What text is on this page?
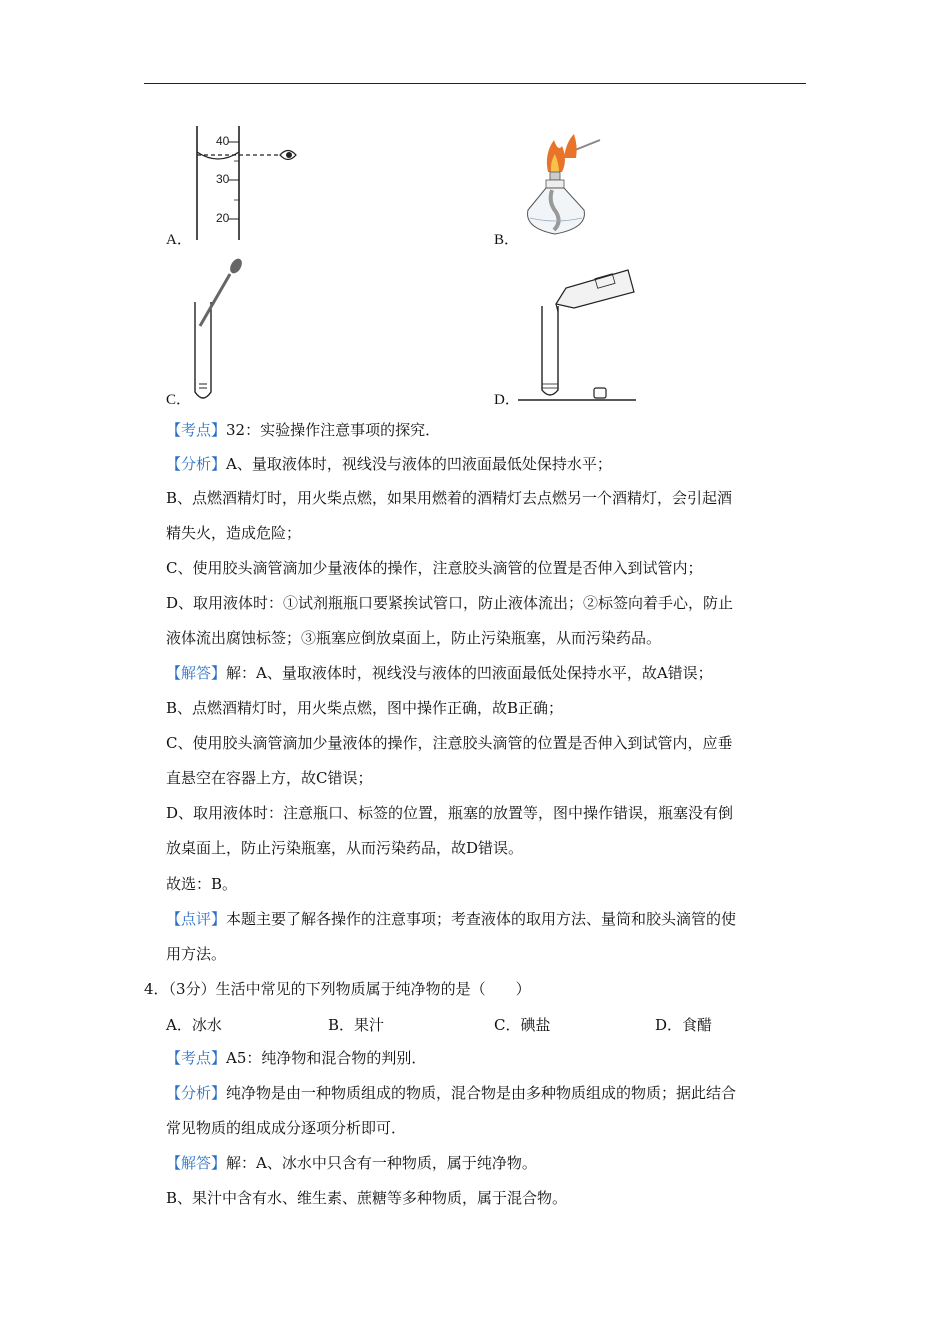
40
30
20
A．	B．
C．	D．
【考点】32：实验操作注意事项的探究．
【分析】A、量取液体时，视线没与液体的凹液面最低处保持水平；
B、点燃酒精灯时，用火柴点燃，如果用燃着的酒精灯去点燃另一个酒精灯，会引起酒
精失火，造成危险；
C、使用胶头滴管滴加少量液体的操作，注意胶头滴管的位置是否伸入到试管内；
D、取用液体时：①试剂瓶瓶口要紧挨试管口，防止液体流出；②标签向着手心，防止
液体流出腐蚀标签；③瓶塞应倒放桌面上，防止污染瓶塞，从而污染药品。
【解答】解：A、量取液体时，视线没与液体的凹液面最低处保持水平，故A错误；
B、点燃酒精灯时，用火柴点燃，图中操作正确，故B正确；
C、使用胶头滴管滴加少量液体的操作，注意胶头滴管的位置是否伸入到试管内，应垂
直悬空在容器上方，故C错误；
D、取用液体时：注意瓶口、标签的位置，瓶塞的放置等，图中操作错误，瓶塞没有倒
放桌面上，防止污染瓶塞，从而污染药品，故D错误。
故选：B。
【点评】本题主要了解各操作的注意事项；考查液体的取用方法、量筒和胶头滴管的使
用方法。
4．（3分）生活中常见的下列物质属于纯净物的是（　　）
A．冰水	B．果汁	C．碘盐	D．食醋
【考点】A5：纯净物和混合物的判别．
【分析】纯净物是由一种物质组成的物质，混合物是由多种物质组成的物质；据此结合
常见物质的组成成分逐项分析即可．
【解答】解：A、冰水中只含有一种物质，属于纯净物。
B、果汁中含有水、维生素、蔗糖等多种物质，属于混合物。
